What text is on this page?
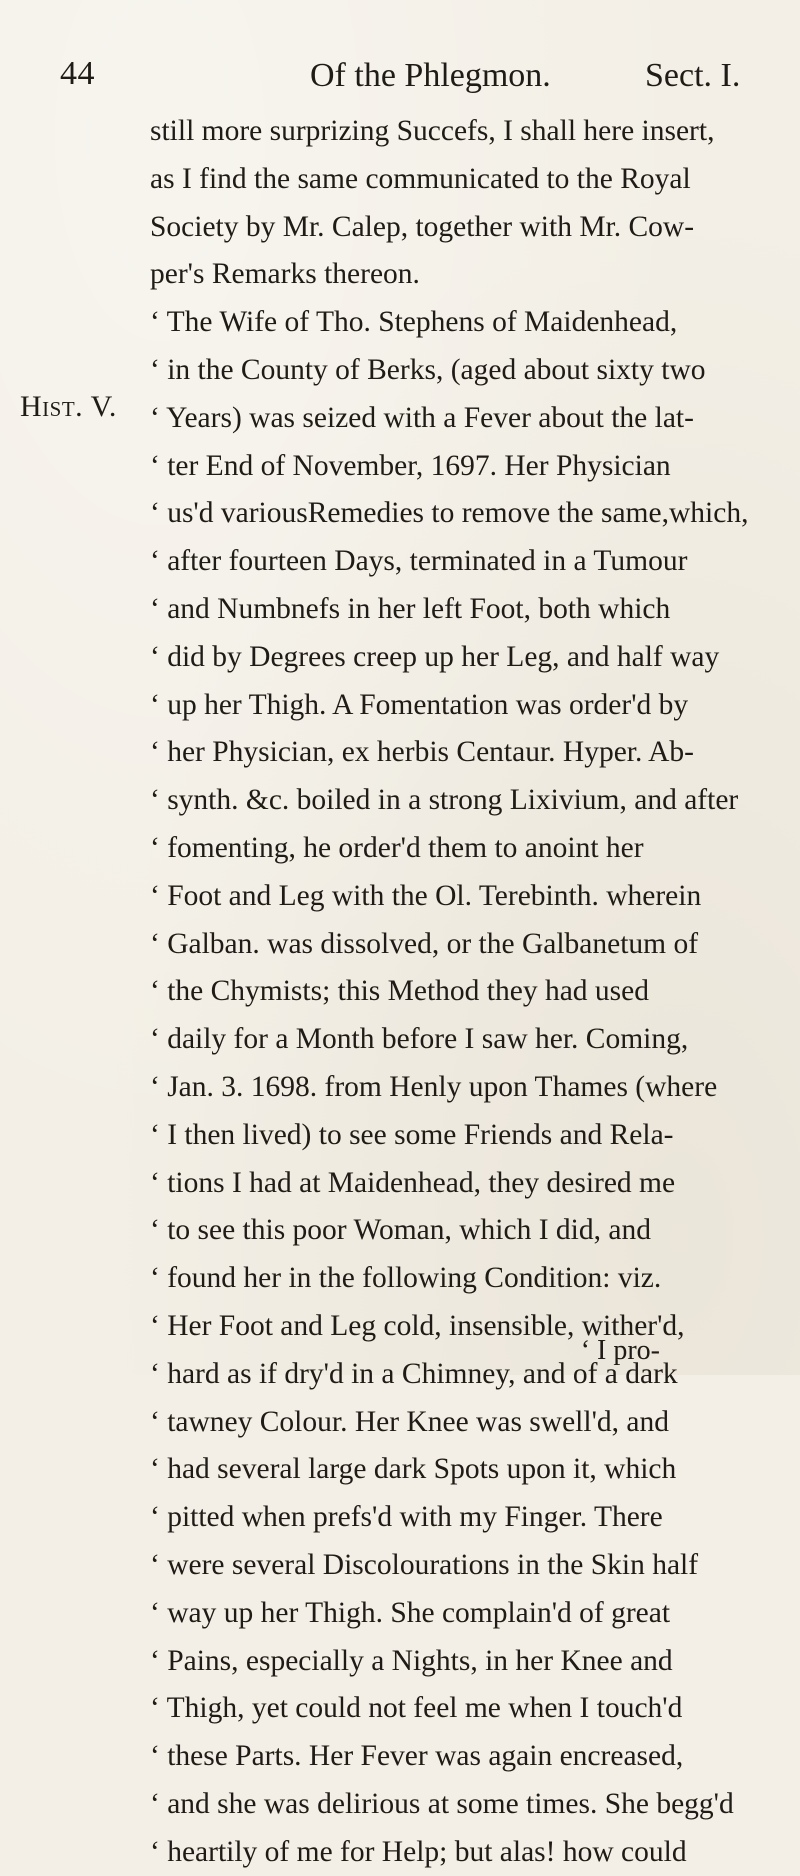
44	Of the Phlegmon.	Sect. I.
Hist. V.
still more surprizing Succefs, I shall here insert,
as I find the same communicated to the Royal
Society by Mr. Calep, together with Mr. Cow-
per's Remarks thereon.
‘ The Wife of Tho. Stephens of Maidenhead,
‘ in the County of Berks, (aged about sixty two
‘ Years) was seized with a Fever about the lat-
‘ ter End of November, 1697. Her Physician
‘ us'd variousRemedies to remove the same,which,
‘ after fourteen Days, terminated in a Tumour
‘ and Numbnefs in her left Foot, both which
‘ did by Degrees creep up her Leg, and half way
‘ up her Thigh. A Fomentation was order'd by
‘ her Physician, ex herbis Centaur. Hyper. Ab-
‘ synth. &c. boiled in a strong Lixivium, and after
‘ fomenting, he order'd them to anoint her
‘ Foot and Leg with the Ol. Terebinth. wherein
‘ Galban. was dissolved, or the Galbanetum of
‘ the Chymists; this Method they had used
‘ daily for a Month before I saw her. Coming,
‘ Jan. 3. 1698. from Henly upon Thames (where
‘ I then lived) to see some Friends and Rela-
‘ tions I had at Maidenhead, they desired me
‘ to see this poor Woman, which I did, and
‘ found her in the following Condition: viz.
‘ Her Foot and Leg cold, insensible, wither'd,
‘ hard as if dry'd in a Chimney, and of a dark
‘ tawney Colour. Her Knee was swell'd, and
‘ had several large dark Spots upon it, which
‘ pitted when prefs'd with my Finger. There
‘ were several Discolourations in the Skin half
‘ way up her Thigh. She complain'd of great
‘ Pains, especially a Nights, in her Knee and
‘ Thigh, yet could not feel me when I touch'd
‘ these Parts. Her Fever was again encreased,
‘ and she was delirious at some times. She begg'd
‘ heartily of me for Help; but alas! how could
‘ I pro-
